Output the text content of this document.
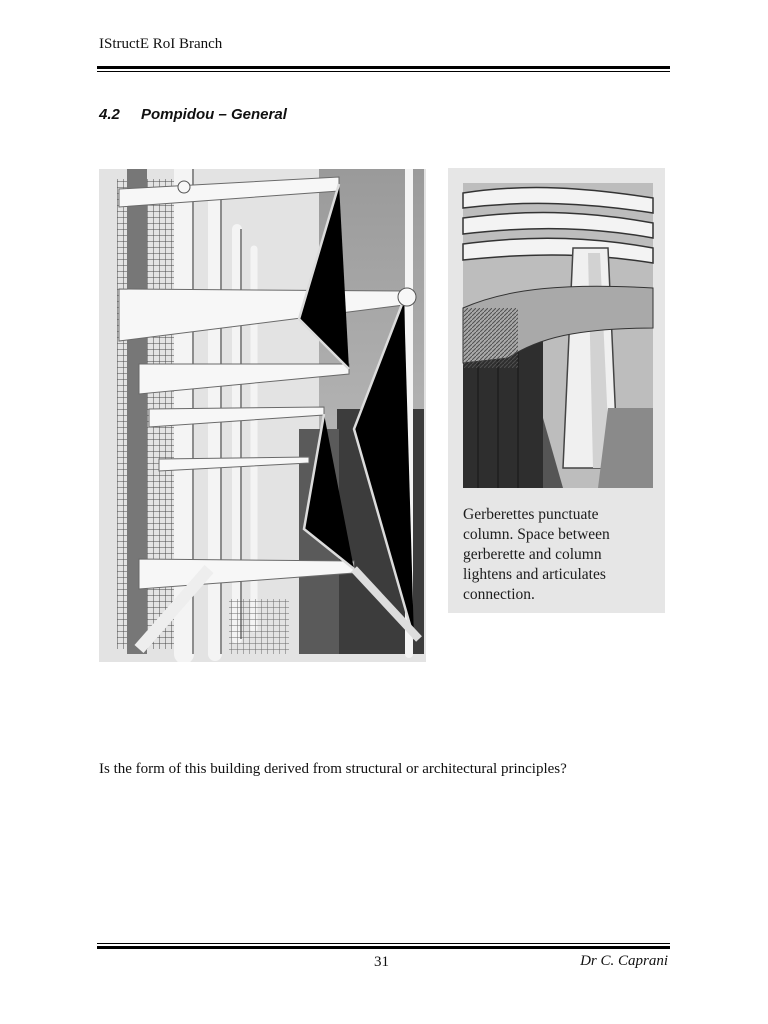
IStructE RoI Branch
4.2 Pompidou – General
Gerberettes punctuate
column. Space between
gerberette and column
lightens and articulates
connection.
Is the form of this building derived from structural or architectural principles?
31	Dr C. Caprani
